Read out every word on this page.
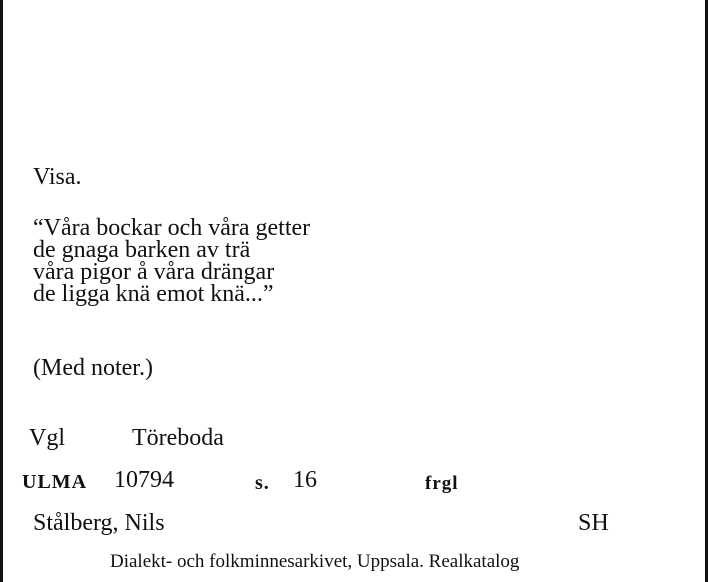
Visa.
“Våra bockar och våra getter
de gnaga barken av trä
våra pigor å våra drängar
de ligga knä emot knä...”
(Med noter.)
Vgl	Töreboda
ULMA 10794	s. 16	frgl
Stålberg, Nils	SH
Dialekt- och folkminnesarkivet, Uppsala. Realkatalog
